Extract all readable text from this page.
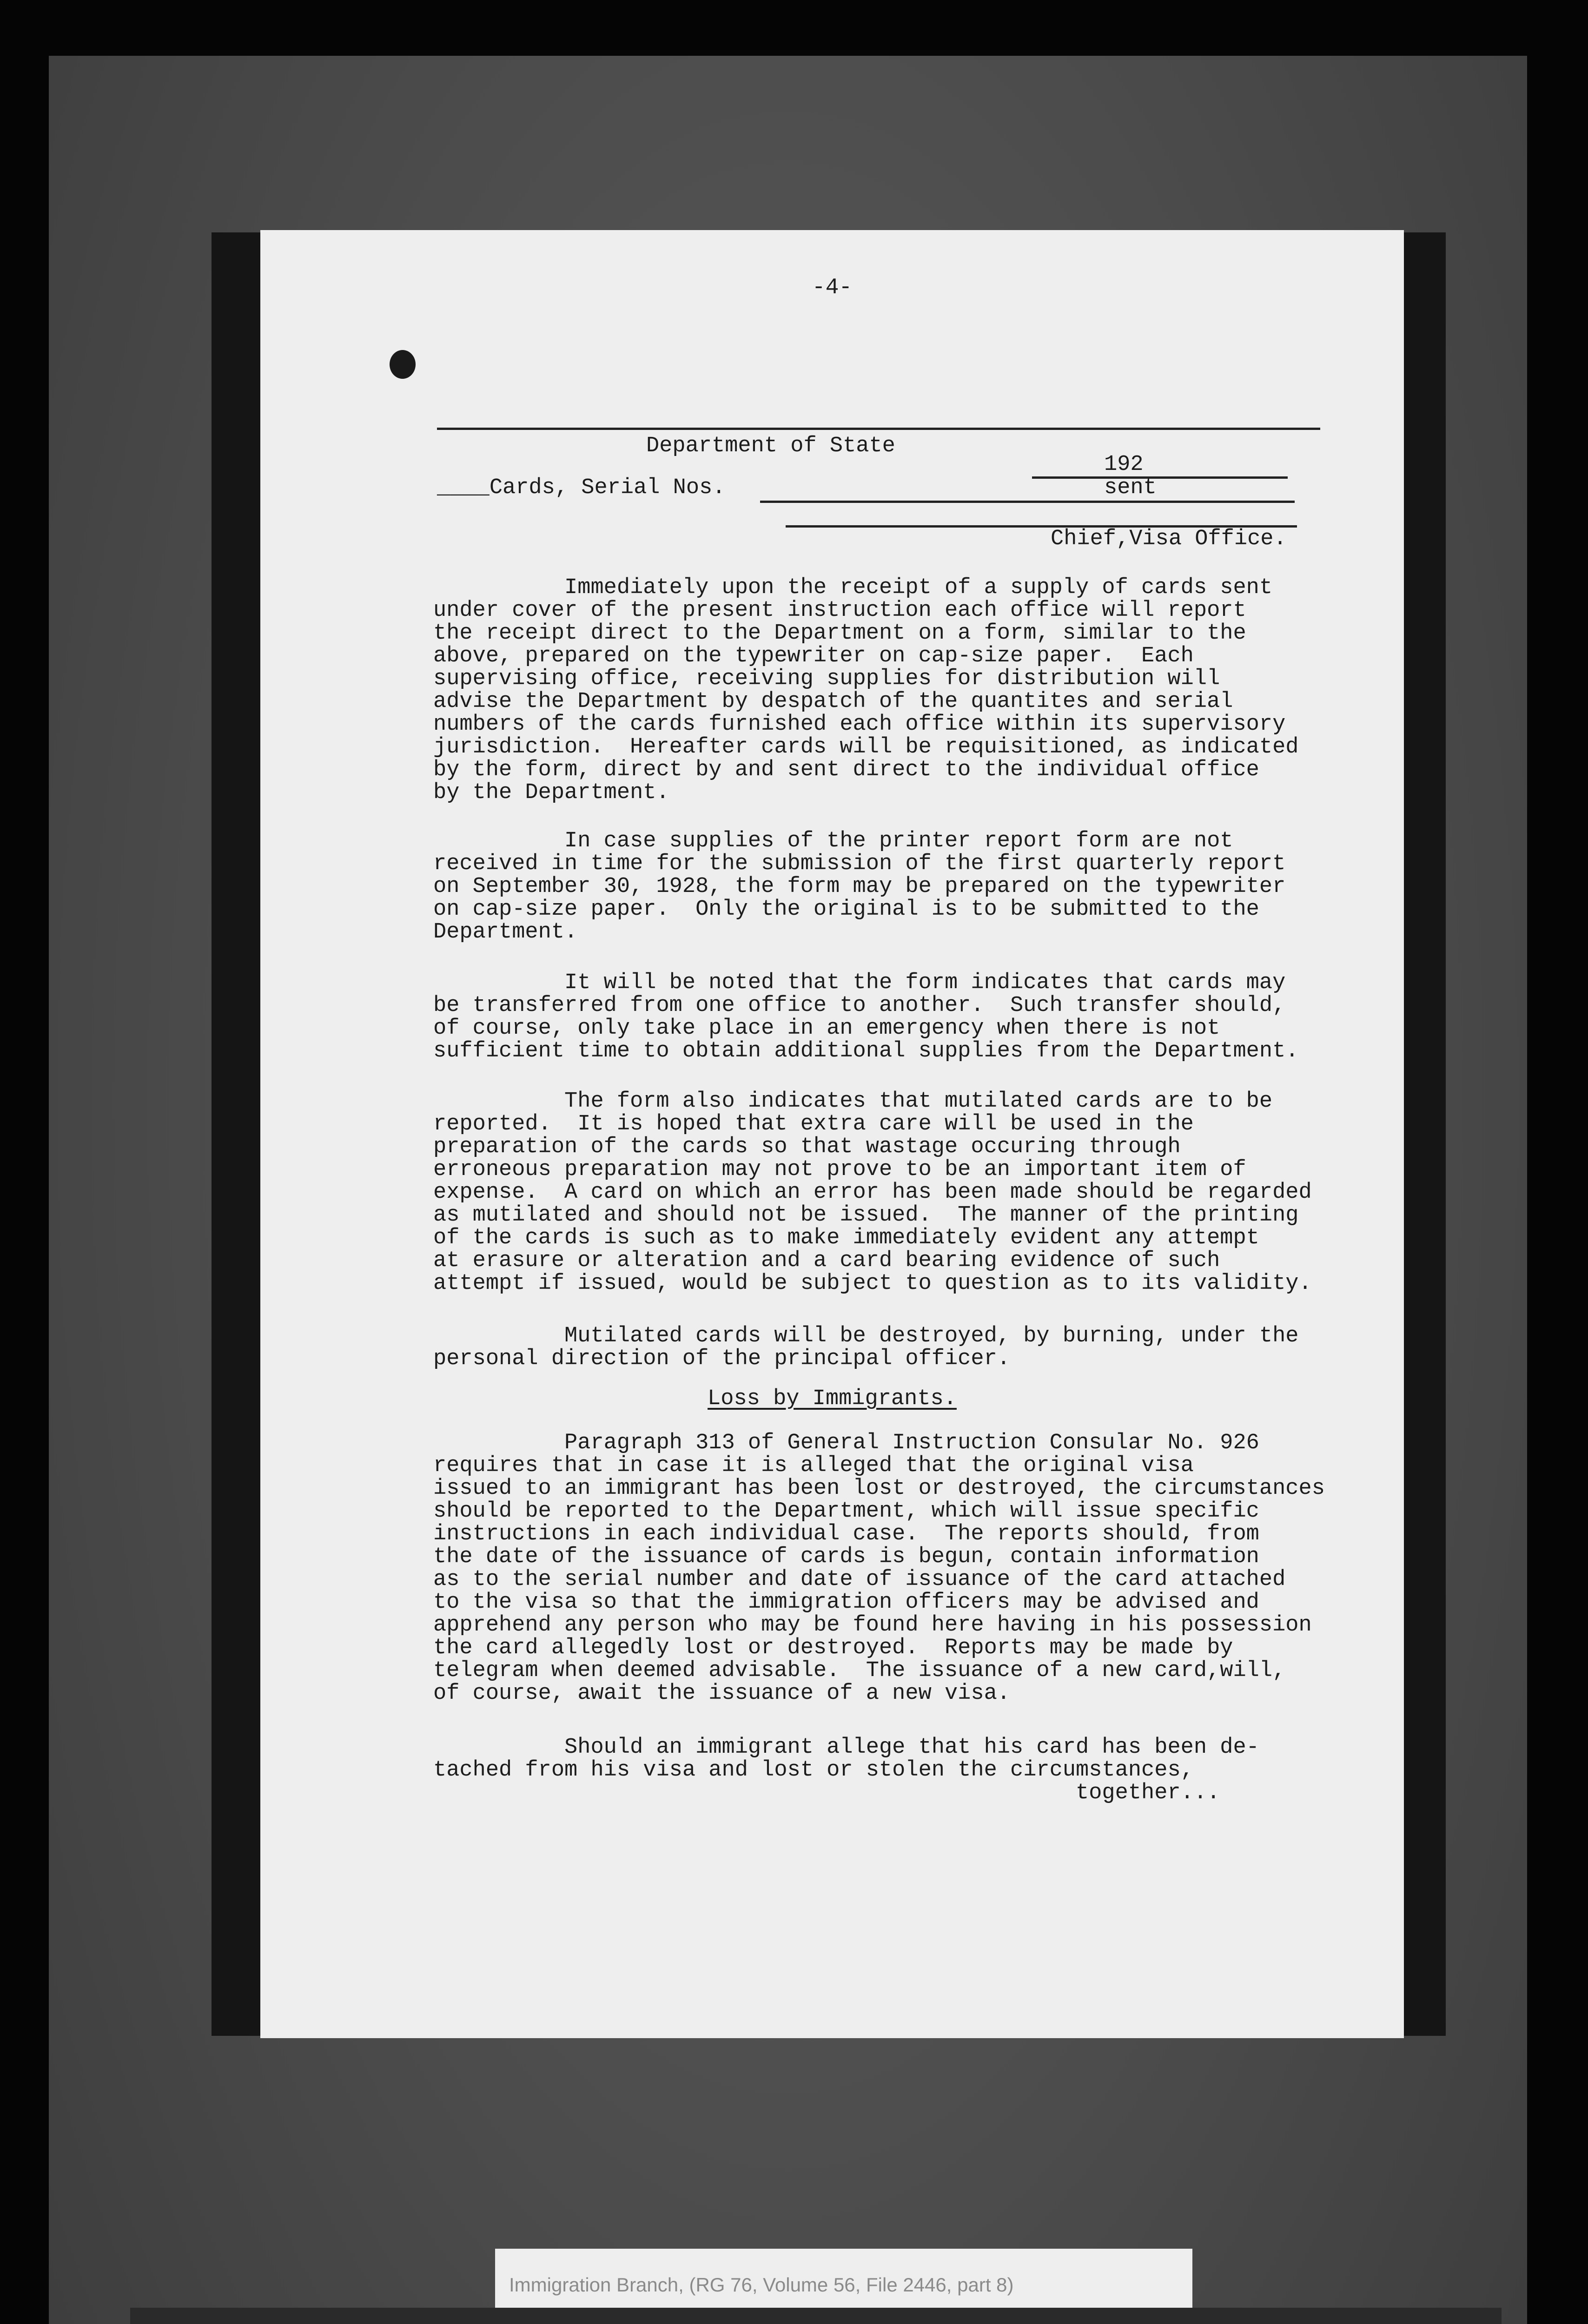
-4-
Department of State
192
____Cards, Serial Nos.	sent
Chief,Visa Office.
Immediately upon the receipt of a supply of cards sent
under cover of the present instruction each office will report
the receipt direct to the Department on a form, similar to the
above, prepared on the typewriter on cap-size paper.  Each
supervising office, receiving supplies for distribution will
advise the Department by despatch of the quantites and serial
numbers of the cards furnished each office within its supervisory
jurisdiction.  Hereafter cards will be requisitioned, as indicated
by the form, direct by and sent direct to the individual office
by the Department.
In case supplies of the printer report form are not
received in time for the submission of the first quarterly report
on September 30, 1928, the form may be prepared on the typewriter
on cap-size paper.  Only the original is to be submitted to the
Department.
It will be noted that the form indicates that cards may
be transferred from one office to another.  Such transfer should,
of course, only take place in an emergency when there is not
sufficient time to obtain additional supplies from the Department.
The form also indicates that mutilated cards are to be
reported.  It is hoped that extra care will be used in the
preparation of the cards so that wastage occuring through
erroneous preparation may not prove to be an important item of
expense.  A card on which an error has been made should be regarded
as mutilated and should not be issued.  The manner of the printing
of the cards is such as to make immediately evident any attempt
at erasure or alteration and a card bearing evidence of such
attempt if issued, would be subject to question as to its validity.
Mutilated cards will be destroyed, by burning, under the
personal direction of the principal officer.
Loss by Immigrants.
Paragraph 313 of General Instruction Consular No. 926
requires that in case it is alleged that the original visa
issued to an immigrant has been lost or destroyed, the circumstances
should be reported to the Department, which will issue specific
instructions in each individual case.  The reports should, from
the date of the issuance of cards is begun, contain information
as to the serial number and date of issuance of the card attached
to the visa so that the immigration officers may be advised and
apprehend any person who may be found here having in his possession
the card allegedly lost or destroyed.  Reports may be made by
telegram when deemed advisable.  The issuance of a new card,will,
of course, await the issuance of a new visa.
Should an immigrant allege that his card has been de-
tached from his visa and lost or stolen the circumstances,
together...
Immigration Branch, (RG 76, Volume 56, File 2446, part 8)
